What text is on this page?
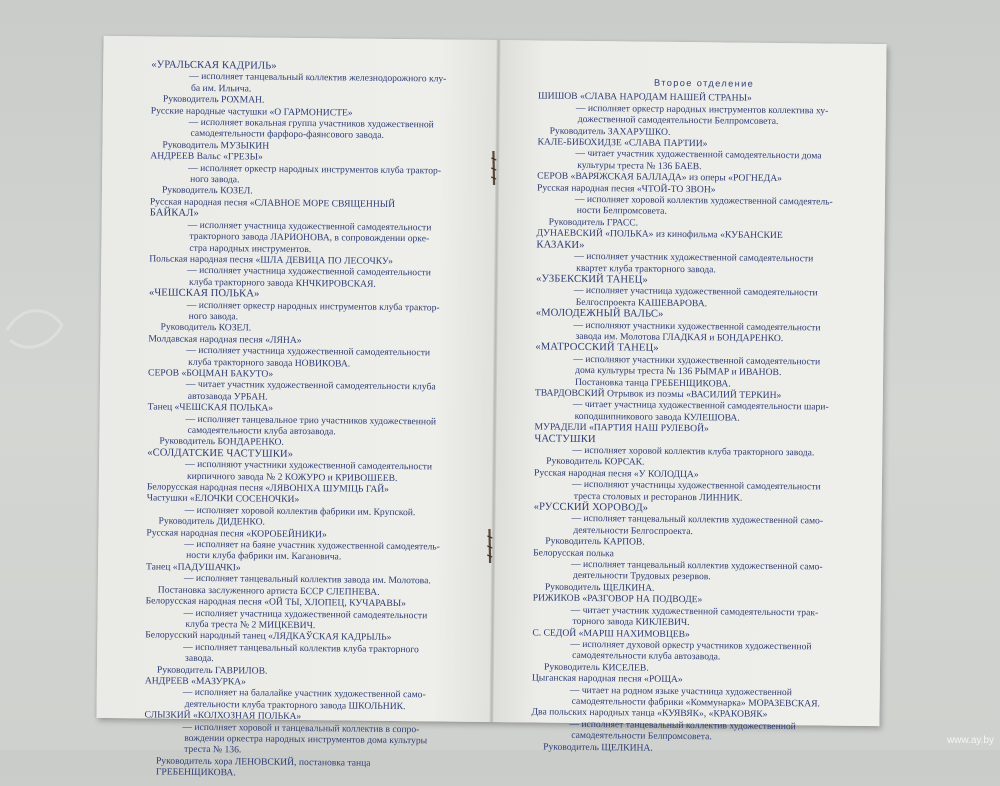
«УРАЛЬСКАЯ КАДРИЛЬ»
— исполняет танцевальный коллектив железнодорожного клу-
ба им. Ильича.
Руководитель РОХМАН.
Русские народные частушки «О ГАРМОНИСТЕ»
— исполняет вокальная группа участников художественной
самодеятельности фарфоро-фаянсового завода.
Руководитель МУЗЫКИН
АНДРЕЕВ Вальс «ГРЕЗЫ»
— исполняет оркестр народных инструментов клуба трактор-
ного завода.
Руководитель КОЗЕЛ.
Русская народная песня «СЛАВНОЕ МОРЕ СВЯЩЕННЫЙ
БАЙКАЛ»
— исполняет участница художественной самодеятельности
тракторного завода ЛАРИОНОВА, в сопровождении орке-
стра народных инструментов.
Польская народная песня «ШЛА ДЕВИЦА ПО ЛЕСОЧКУ»
— исполняет участница художественной самодеятельности
клуба тракторного завода КНЧКИРОВСКАЯ.
«ЧЕШСКАЯ ПОЛЬКА»
— исполняет оркестр народных инструментов клуба трактор-
ного завода.
Руководитель КОЗЕЛ.
Молдавская народная песня «ЛЯНА»
— исполняет участница художественной самодеятельности
клуба тракторного завода НОВИКОВА.
СЕРОВ «БОЦМАН БАКУТО»
— читает участник художественной самодеятельности клуба
автозавода УРБАН.
Танец «ЧЕШСКАЯ ПОЛЬКА»
— исполняет танцевальное трио участников художественной
самодеятельности клуба автозавода.
Руководитель БОНДАРЕНКО.
«СОЛДАТСКИЕ ЧАСТУШКИ»
— исполняют участники художественной самодеятельности
кирпичного завода № 2 КОЖУРО и КРИВОШЕЕВ.
Белорусская народная песня «ЛЯВОНІХА ШУМІЦЬ ГАЙ»
Частушки «ЕЛОЧКИ СОСЕНОЧКИ»
— исполняет хоровой коллектив фабрики им. Крупской.
Руководитель ДИДЕНКО.
Русская народная песня «КОРОБЕЙНИКИ»
— исполняет на баяне участник художественной самодеятель-
ности клуба фабрики им. Кагановича.
Танец «ПАДУШАЧКІ»
— исполняет танцевальный коллектив завода им. Молотова.
Постановка заслуженного артиста БССР СЛЕПНЕВА.
Белорусская народная песня «ОЙ ТЫ, ХЛОПЕЦ, КУЧАРАВЫ»
— исполняет участница художественной самодеятельности
клуба треста № 2 МИЦКЕВИЧ.
Белорусский народный танец «ЛЯДКАЎСКАЯ КАДРЫЛЬ»
— исполняет танцевальный коллектив клуба тракторного
завода.
Руководитель ГАВРИЛОВ.
АНДРЕЕВ «МАЗУРКА»
— исполняет на балалайке участник художественной само-
деятельности клуба тракторного завода ШКОЛЬНИК.
СЛЫЗКИЙ «КОЛХОЗНАЯ ПОЛЬКА»
— исполняет хоровой и танцевальный коллектив в сопро-
вождении оркестра народных инструментов дома культуры
треста № 136.
Руководитель хора ЛЕНОВСКИЙ, постановка танца
ГРЕБЕНЩИКОВА.
Второе отделение
ШИШОВ «СЛАВА НАРОДАМ НАШЕЙ СТРАНЫ»
— исполняет оркестр народных инструментов коллектива ху-
дожественной самодеятельности Белпромсовета.
Руководитель ЗАХАРУШКО.
КАЛЕ-БИБОХИДЗЕ «СЛАВА ПАРТИИ»
— читает участник художественной самодеятельности дома
культуры треста № 136 БАЕВ.
СЕРОВ «ВАРЯЖСКАЯ БАЛЛАДА» из оперы «РОГНЕДА»
Русская народная песня «ЧТОЙ-ТО ЗВОН»
— исполняет хоровой коллектив художественной самодеятель-
ности Белпромсовета.
Руководитель ГРАСС.
ДУНАЕВСКИЙ «ПОЛЬКА» из кинофильма «КУБАНСКИЕ
КАЗАКИ»
— исполняет участник художественной самодеятельности
квартет клуба тракторного завода.
«УЗБЕКСКИЙ ТАНЕЦ»
— исполняет участница художественной самодеятельности
Белгоспроекта КАШЕВАРОВА.
«МОЛОДЕЖНЫЙ ВАЛЬС»
— исполняют участники художественной самодеятельности
завода им. Молотова ГЛАДКАЯ и БОНДАРЕНКО.
«МАТРОССКИЙ ТАНЕЦ»
— исполняют участники художественной самодеятельности
дома культуры треста № 136 РЫМАР и ИВАНОВ.
Постановка танца ГРЕБЕНЩИКОВА.
ТВАРДОВСКИЙ Отрывок из поэмы «ВАСИЛИЙ ТЕРКИН»
— читает участница художественной самодеятельности шари-
коподшипникового завода КУЛЕШОВА.
МУРАДЕЛИ «ПАРТИЯ НАШ РУЛЕВОЙ»
ЧАСТУШКИ
— исполняет хоровой коллектив клуба тракторного завода.
Руководитель КОРСАК.
Русская народная песня «У КОЛОДЦА»
— исполняют участницы художественной самодеятельности
треста столовых и ресторанов ЛИННИК.
«РУССКИЙ ХОРОВОД»
— исполняет танцевальный коллектив художественной само-
деятельности Белгоспроекта.
Руководитель КАРПОВ.
Белорусская полька
— исполняет танцевальный коллектив художественной само-
деятельности Трудовых резервов.
Руководитель ЩЕЛКИНА.
РИЖИКОВ «РАЗГОВОР НА ПОДВОДЕ»
— читает участник художественной самодеятельности трак-
торного завода КИКЛЕВИЧ.
С. СЕДОЙ «МАРШ НАХИМОВЦЕВ»
— исполняет духовой оркестр участников художественной
самодеятельности клуба автозавода.
Руководитель КИСЕЛЕВ.
Цыганская народная песня «РОЩА»
— читает на родном языке участница художественной
самодеятельности фабрики «Коммунарка» МОРАЗЕВСКАЯ.
Два польских народных танца «КУЯВЯК», «КРАКОВЯК»
— исполняет танцевальный коллектив художественной
самодеятельности Белпромсовета.
Руководитель ЩЕЛКИНА.
www.ay.by
